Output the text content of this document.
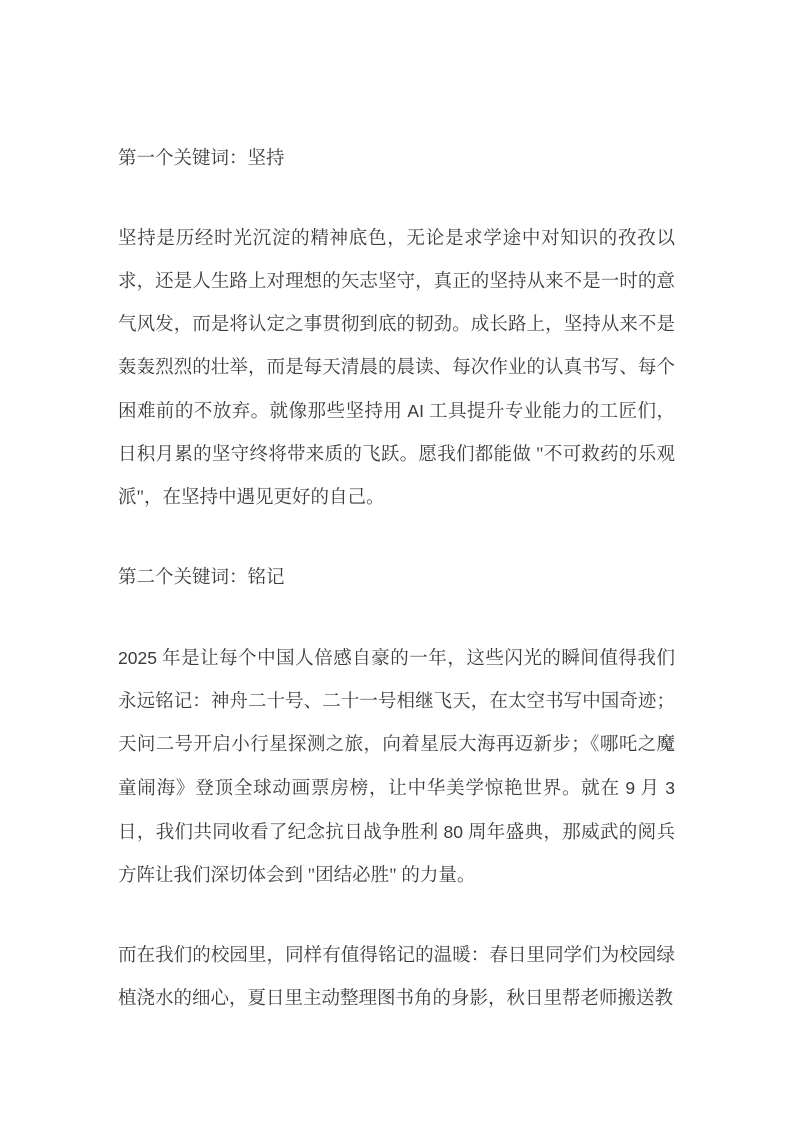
第一个关键词：坚持

坚持是历经时光沉淀的精神底色，无论是求学途中对知识的孜孜以求，还是人生路上对理想的矢志坚守，真正的坚持从来不是一时的意气风发，而是将认定之事贯彻到底的韧劲。成长路上，坚持从来不是轰轰烈烈的壮举，而是每天清晨的晨读、每次作业的认真书写、每个困难前的不放弃。就像那些坚持用 AI 工具提升专业能力的工匠们，日积月累的坚守终将带来质的飞跃。愿我们都能做 "不可救药的乐观派"，在坚持中遇见更好的自己。

第二个关键词：铭记

2025 年是让每个中国人倍感自豪的一年，这些闪光的瞬间值得我们永远铭记：神舟二十号、二十一号相继飞天，在太空书写中国奇迹；天问二号开启小行星探测之旅，向着星辰大海再迈新步；《哪吒之魔童闹海》登顶全球动画票房榜，让中华美学惊艳世界。就在 9 月 3 日，我们共同收看了纪念抗日战争胜利 80 周年盛典，那威武的阅兵方阵让我们深切体会到 "团结必胜" 的力量。

而在我们的校园里，同样有值得铭记的温暖：春日里同学们为校园绿植浇水的细心，夏日里主动整理图书角的身影，秋日里帮老师搬送教
